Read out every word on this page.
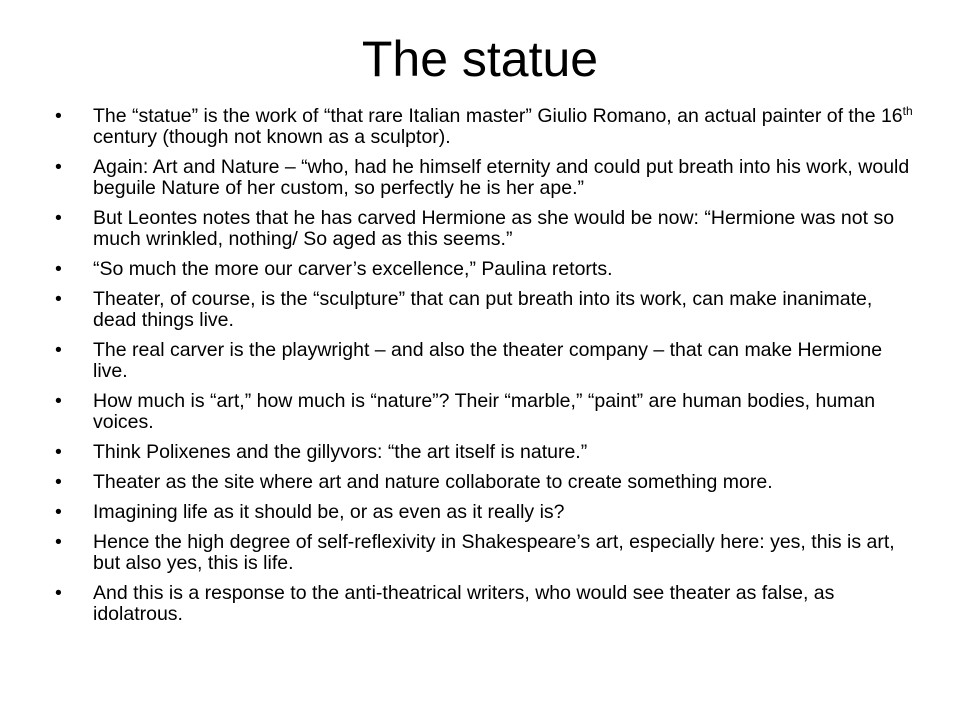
The statue
• The “statue” is the work of “that rare Italian master” Giulio Romano, an actual painter of the 16th century (though not known as a sculptor).
• Again: Art and Nature – “who, had he himself eternity and could put breath into his work, would beguile Nature of her custom, so perfectly he is her ape.”
• But Leontes notes that he has carved Hermione as she would be now: “Hermione was not so much wrinkled, nothing/ So aged as this seems.”
• “So much the more our carver’s excellence,” Paulina retorts.
• Theater, of course, is the “sculpture” that can put breath into its work, can make inanimate, dead things live.
• The real carver is the playwright – and also the theater company – that can make Hermione live.
• How much is “art,” how much is “nature”? Their “marble,” “paint” are human bodies, human voices.
• Think Polixenes and the gillyvors: “the art itself is nature.”
• Theater as the site where art and nature collaborate to create something more.
• Imagining life as it should be, or as even as it really is?
• Hence the high degree of self-reflexivity in Shakespeare’s art, especially here: yes, this is art, but also yes, this is life.
• And this is a response to the anti-theatrical writers, who would see theater as false, as idolatrous.
